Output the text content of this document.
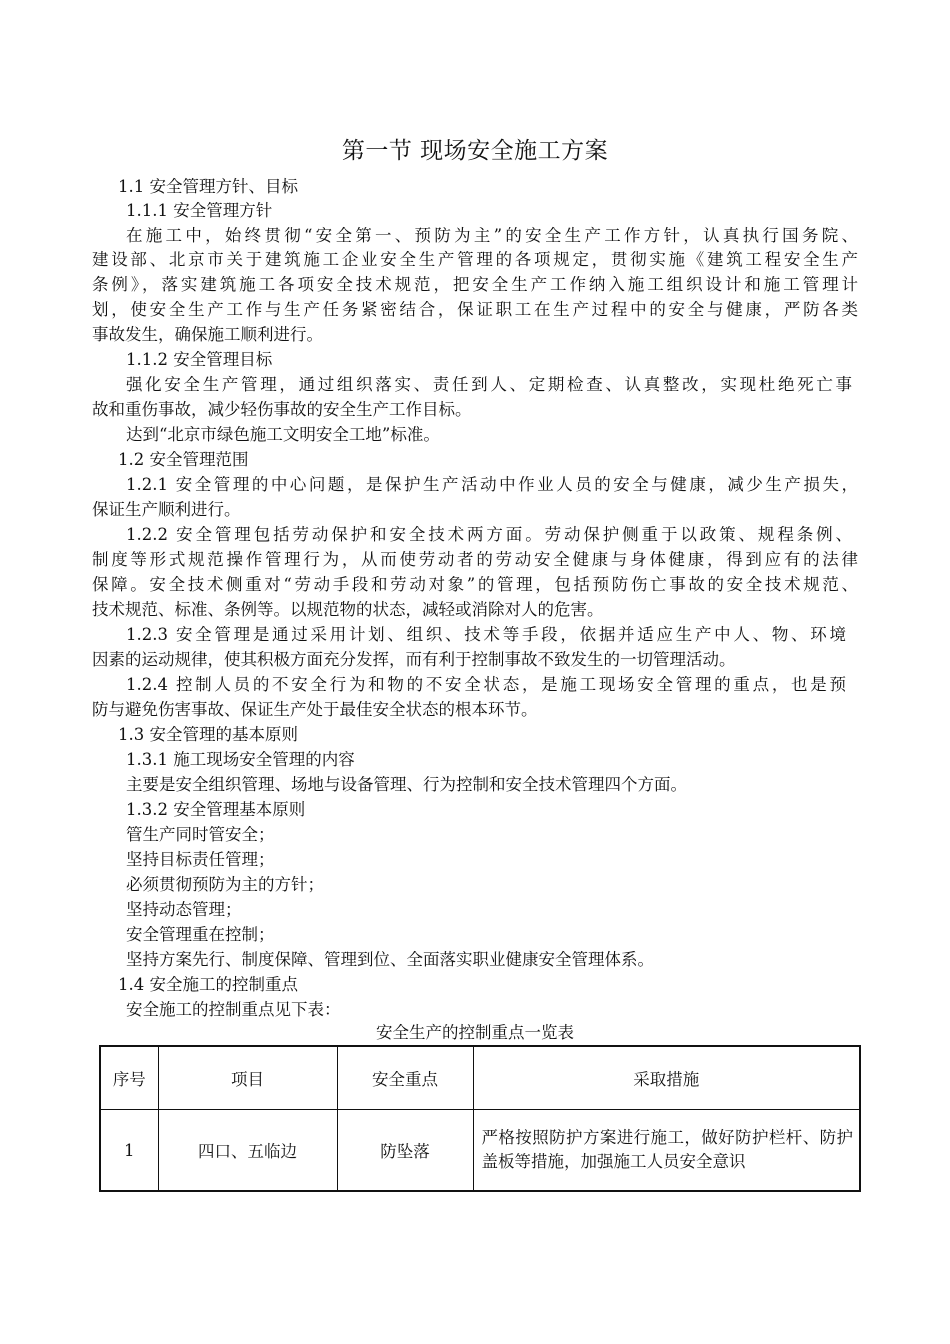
第一节 现场安全施工方案
1.1 安全管理方针、目标
1.1.1 安全管理方针
在施工中，始终贯彻“安全第一、预防为主”的安全生产工作方针，认真执行国务院、
建设部、北京市关于建筑施工企业安全生产管理的各项规定，贯彻实施《建筑工程安全生产
条例》，落实建筑施工各项安全技术规范，把安全生产工作纳入施工组织设计和施工管理计
划，使安全生产工作与生产任务紧密结合，保证职工在生产过程中的安全与健康，严防各类
事故发生，确保施工顺利进行。
1.1.2 安全管理目标
强化安全生产管理，通过组织落实、责任到人、定期检查、认真整改，实现杜绝死亡事
故和重伤事故，减少轻伤事故的安全生产工作目标。
达到“北京市绿色施工文明安全工地”标准。
1.2 安全管理范围
1.2.1 安全管理的中心问题，是保护生产活动中作业人员的安全与健康，减少生产损失，
保证生产顺利进行。
1.2.2 安全管理包括劳动保护和安全技术两方面。劳动保护侧重于以政策、规程条例、
制度等形式规范操作管理行为，从而使劳动者的劳动安全健康与身体健康，得到应有的法律
保障。安全技术侧重对“劳动手段和劳动对象”的管理，包括预防伤亡事故的安全技术规范、
技术规范、标准、条例等。以规范物的状态，减轻或消除对人的危害。
1.2.3 安全管理是通过采用计划、组织、技术等手段，依据并适应生产中人、物、环境
因素的运动规律，使其积极方面充分发挥，而有利于控制事故不致发生的一切管理活动。
1.2.4 控制人员的不安全行为和物的不安全状态，是施工现场安全管理的重点，也是预
防与避免伤害事故、保证生产处于最佳安全状态的根本环节。
1.3 安全管理的基本原则
1.3.1 施工现场安全管理的内容
主要是安全组织管理、场地与设备管理、行为控制和安全技术管理四个方面。
1.3.2 安全管理基本原则
管生产同时管安全；
坚持目标责任管理；
必须贯彻预防为主的方针；
坚持动态管理；
安全管理重在控制；
坚持方案先行、制度保障、管理到位、全面落实职业健康安全管理体系。
1.4 安全施工的控制重点
安全施工的控制重点见下表：
安全生产的控制重点一览表
序号	项目	安全重点	采取措施
1	四口、五临边	防坠落	严格按照防护方案进行施工，做好防护栏杆、防护盖板等措施，加强施工人员安全意识
